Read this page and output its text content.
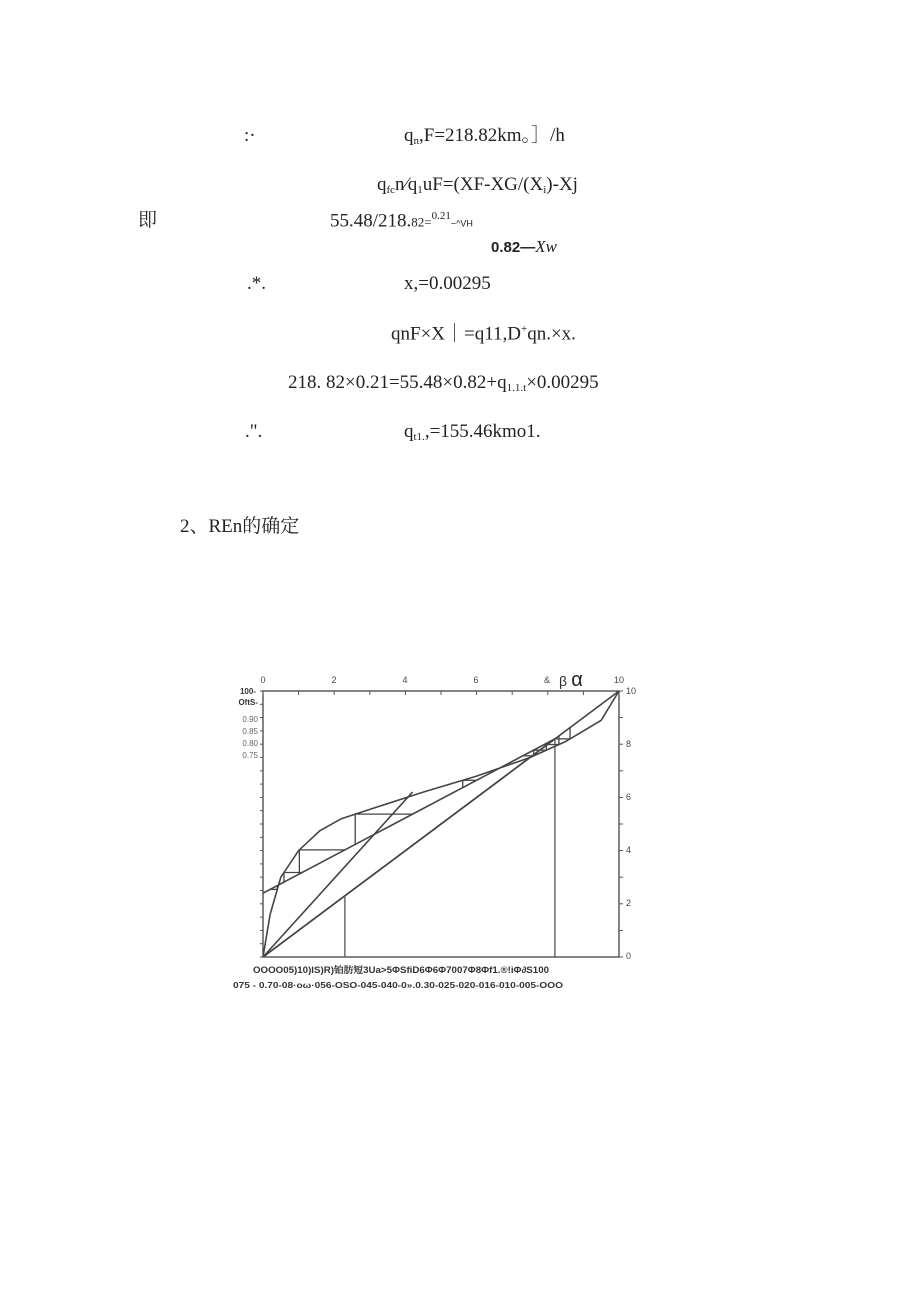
:·	$q_n,F=218.82km$。］/h
$q_{fc}n⁄q_1uF=(XF-XG/(X_i)-Xj$
即	55.48/218.82=$^{0.21}$~^VH
0.82—Xw
.*.	x,=0.00295
qnF×X｜=q11,D+qn.×x.
218. $82\times 0.21=55.48\times 0.82+q_{1.1.t}\times 0.00295$
.".	$q_{t1.},=155.46kmo1$.
2、REn的确定
0	2	4	6	& β α	10
10
8
6
4
2
0
100-
OftS-
0.90
0.85
0.80
0.75
OOOO05)10)IS)R)铂肪短3Ua>5ΦSfiD6Φ6Φ7007Φ8Φf1.®!iΦ∂S100
075 - 0.70-08·οω·056-OSO-045-040-0».0.30-025-020-016-010-005-OOO
